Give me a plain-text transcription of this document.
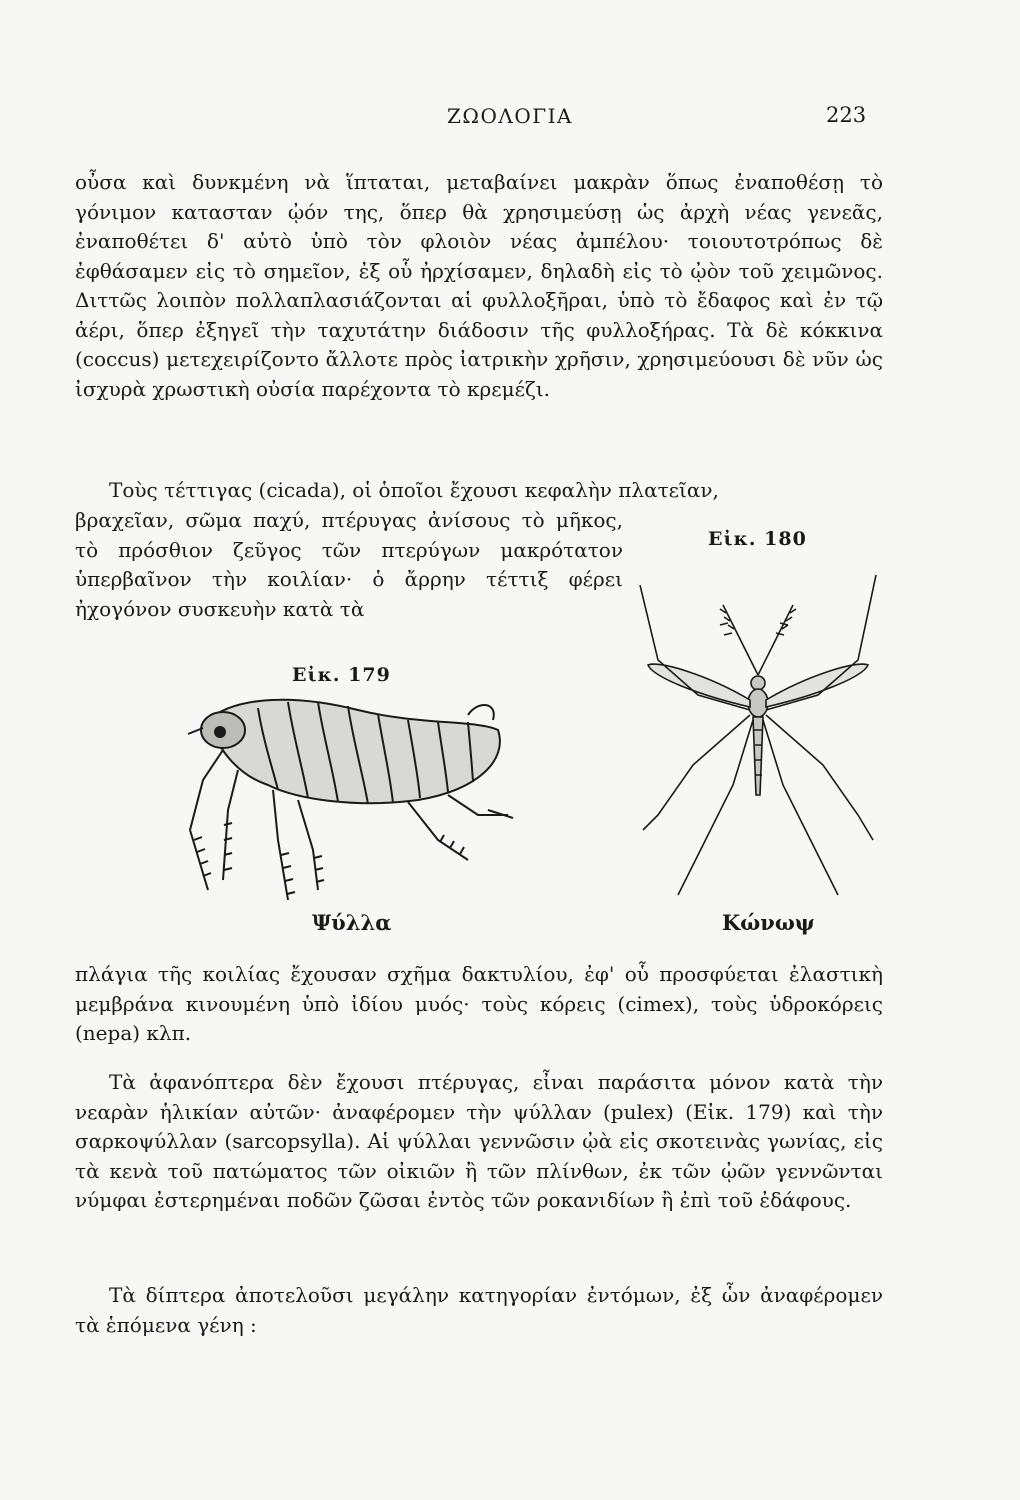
ΖΩΟΛΟΓΙΑ	223
οὖσα καὶ δυνκμένη νὰ ἵπταται, μεταβαίνει μακρὰν ὅπως ἐναποθέσῃ τὸ γόνιμον κατασταν ᾠόν της, ὅπερ θὰ χρησιμεύσῃ ὡς ἀρχὴ νέας γενεᾶς, ἐναποθέτει δ' αὐτὸ ὑπὸ τὸν φλοιὸν νέας ἀμπέλου· τοιουτοτρόπως δὲ ἐφθάσαμεν εἰς τὸ σημεῖον, ἐξ οὗ ἠρχίσαμεν, δηλαδὴ εἰς τὸ ᾠὸν τοῦ χειμῶνος. Διττῶς λοιπὸν πολλαπλασιάζονται αἱ φυλλοξῆραι, ὑπὸ τὸ ἔδαφος καὶ ἐν τῷ ἀέρι, ὅπερ ἐξηγεῖ τὴν ταχυτάτην διάδοσιν τῆς φυλλοξήρας. Τὰ δὲ κόκκινα (coccus) μετεχειρίζοντο ἄλλοτε πρὸς ἰατρικὴν χρῆσιν, χρησιμεύουσι δὲ νῦν ὡς ἰσχυρὰ χρωστικὴ οὐσία παρέχοντα τὸ κρεμέζι.
Τοὺς τέττιγας (cicada), οἱ ὁποῖοι ἔχουσι κεφαλὴν πλατεῖαν,
βραχεῖαν, σῶμα παχύ, πτέρυγας ἀνίσους τὸ μῆκος, τὸ πρόσθιον ζεῦγος τῶν πτερύγων μακρότατον ὑπερβαῖνον τὴν κοιλίαν· ὁ ἄρρην τέττιξ φέρει ἠχογόνον συσκευὴν κατὰ τὰ
πλάγια τῆς κοιλίας ἔχουσαν σχῆμα δακτυλίου, ἐφ' οὗ προσφύεται ἐλαστικὴ μεμβράνα κινουμένη ὑπὸ ἰδίου μυός· τοὺς κόρεις (cimex), τοὺς ὑδροκόρεις (nepa) κλπ.
Τὰ ἀφανόπτερα δὲν ἔχουσι πτέρυγας, εἶναι παράσιτα μόνον κατὰ τὴν νεαρὰν ἡλικίαν αὐτῶν· ἀναφέρομεν τὴν ψύλλαν (pulex) (Εἰκ. 179) καὶ τὴν σαρκοψύλλαν (sarcopsylla). Αἱ ψύλλαι γεννῶσιν ᾠὰ εἰς σκοτεινὰς γωνίας, εἰς τὰ κενὰ τοῦ πατώματος τῶν οἰκιῶν ἢ τῶν πλίνθων, ἐκ τῶν ᾠῶν γεννῶνται νύμφαι ἐστερημέναι ποδῶν ζῶσαι ἐντὸς τῶν ροκανιδίων ἢ ἐπὶ τοῦ ἐδάφους.
Τὰ δίπτερα ἀποτελοῦσι μεγάλην κατηγορίαν ἐντόμων, ἐξ ὧν ἀναφέρομεν τὰ ἑπόμενα γένη :
Εἰκ. 180
Εἰκ. 179
Ψύλλα	Κώνωψ
